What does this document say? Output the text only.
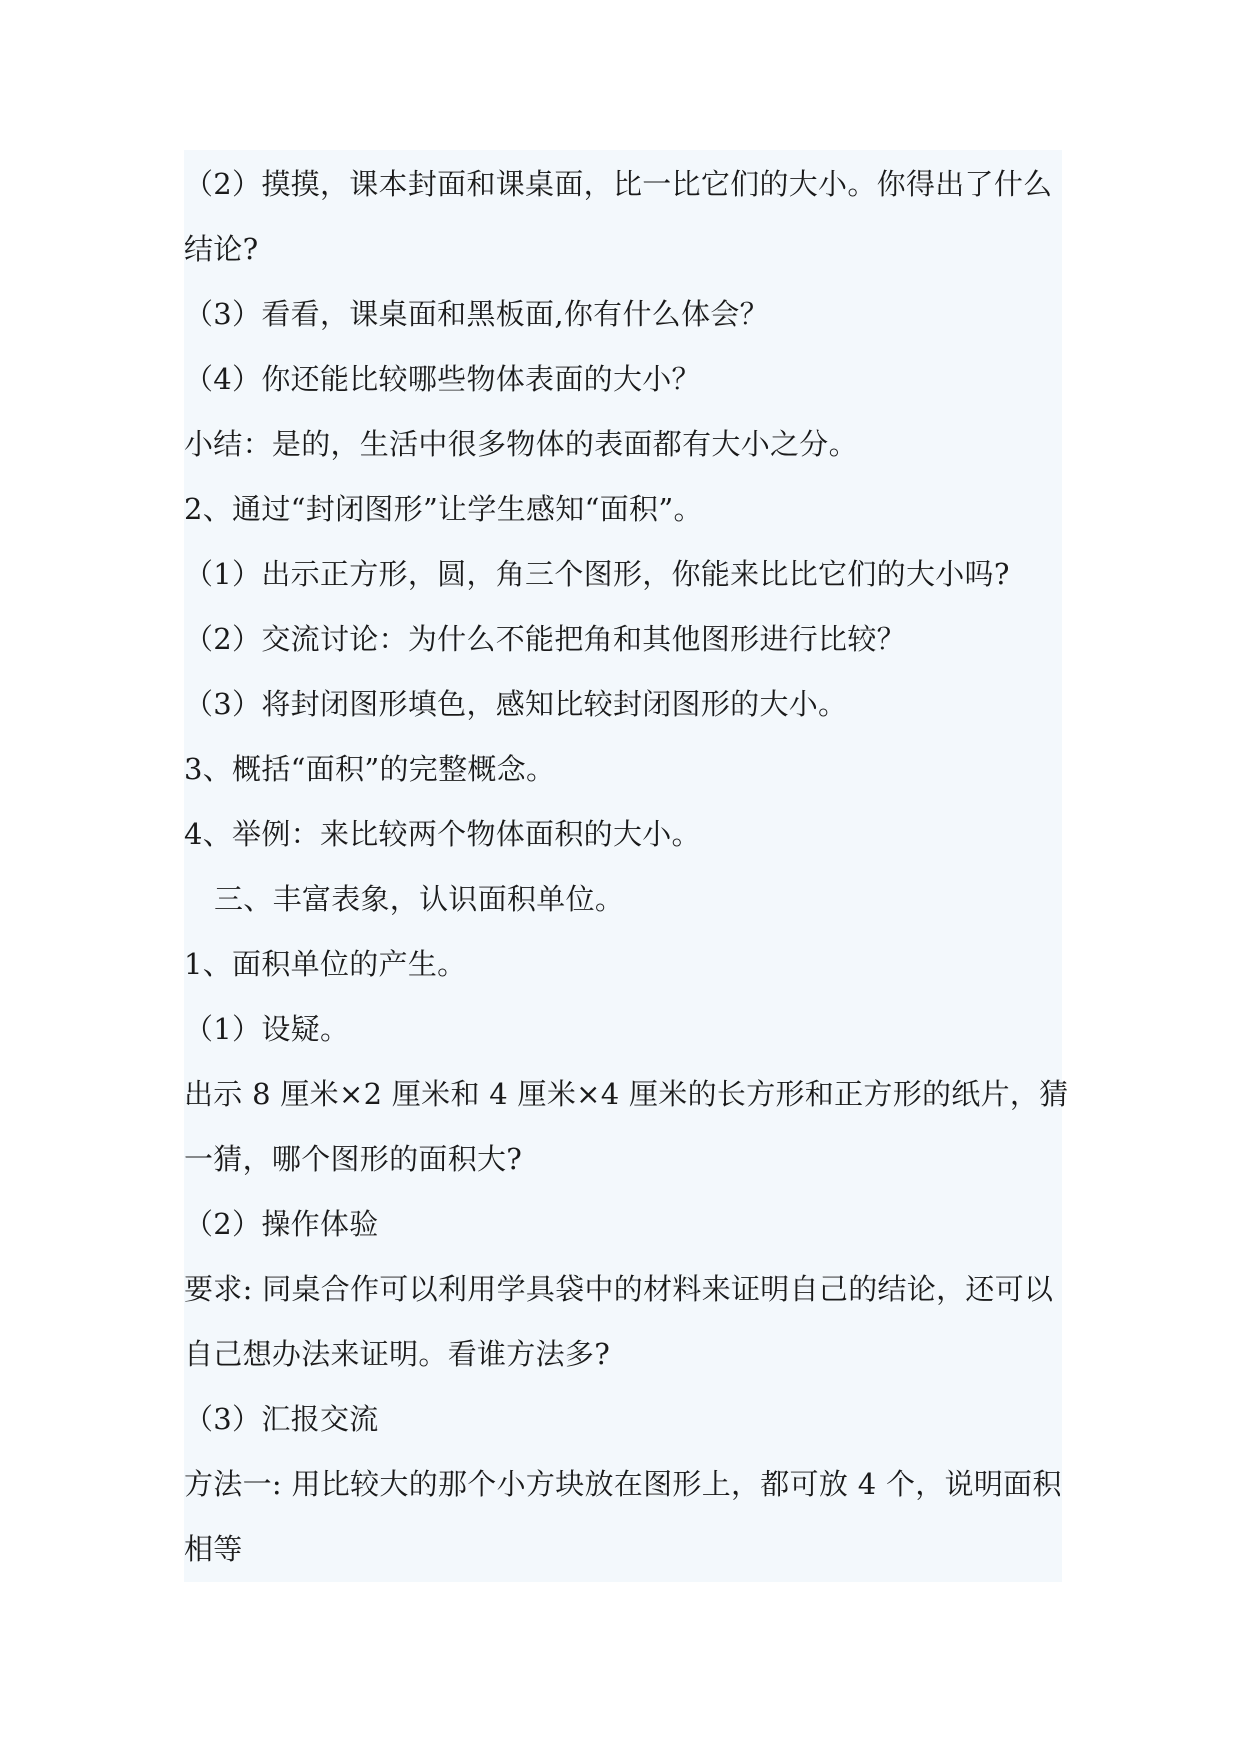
（2）摸摸，课本封面和课桌面，比一比它们的大小。你得出了什么
结论?
（3）看看，课桌面和黑板面,你有什么体会？
（4）你还能比较哪些物体表面的大小？
小结：是的，生活中很多物体的表面都有大小之分。
2、通过“封闭图形”让学生感知“面积”。
（1）出示正方形，圆，角三个图形，你能来比比它们的大小吗?
（2）交流讨论：为什么不能把角和其他图形进行比较？
（3）将封闭图形填色，感知比较封闭图形的大小。
3、概括“面积”的完整概念。
4、举例：来比较两个物体面积的大小。
三、丰富表象，认识面积单位。
1、面积单位的产生。
（1）设疑。
出示 8 厘米×2 厘米和 4 厘米×4 厘米的长方形和正方形的纸片，猜
一猜，哪个图形的面积大?
（2）操作体验
要求: 同桌合作可以利用学具袋中的材料来证明自己的结论，还可以
自己想办法来证明。看谁方法多?
（3）汇报交流
方法一: 用比较大的那个小方块放在图形上，都可放 4 个，说明面积
相等
